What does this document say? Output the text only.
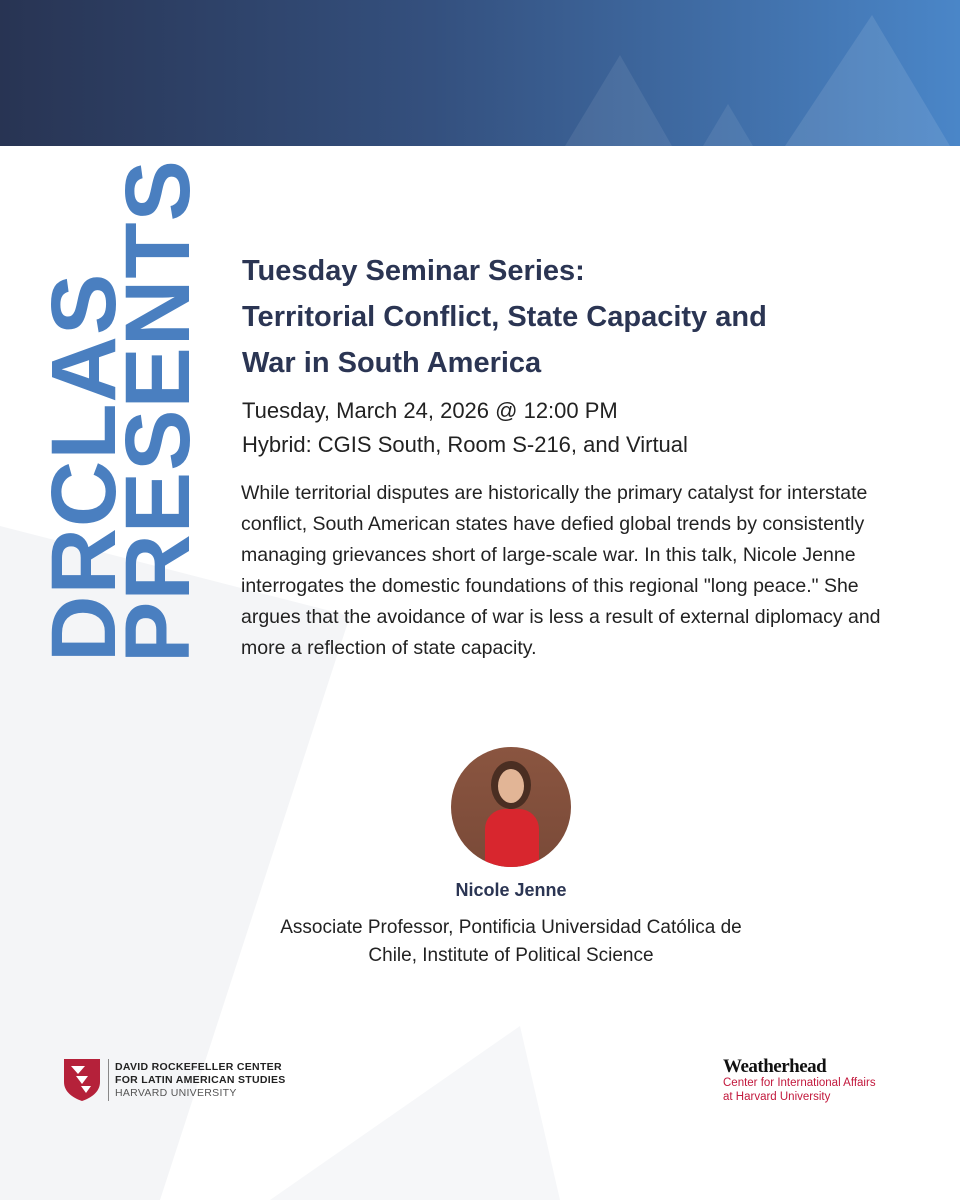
DRCLAS
PRESENTS Tuesday Seminar Series:
Territorial Conflict, State Capacity and
War in South America
Tuesday, March 24, 2026 @ 12:00 PM
Hybrid: CGIS South, Room S-216, and Virtual
While territorial disputes are historically the primary catalyst for interstate conflict, South American states have defied global trends by consistently managing grievances short of large-scale war. In this talk, Nicole Jenne interrogates the domestic foundations of this regional "long peace." She argues that the avoidance of war is less a result of external diplomacy and more a reflection of state capacity.
Nicole Jenne
Associate Professor, Pontificia Universidad Católica de
Chile, Institute of Political Science
DAVID ROCKEFELLER CENTER
FOR LATIN AMERICAN STUDIES
HARVARD UNIVERSITY
Weatherhead
Center for International Affairs
at Harvard University
